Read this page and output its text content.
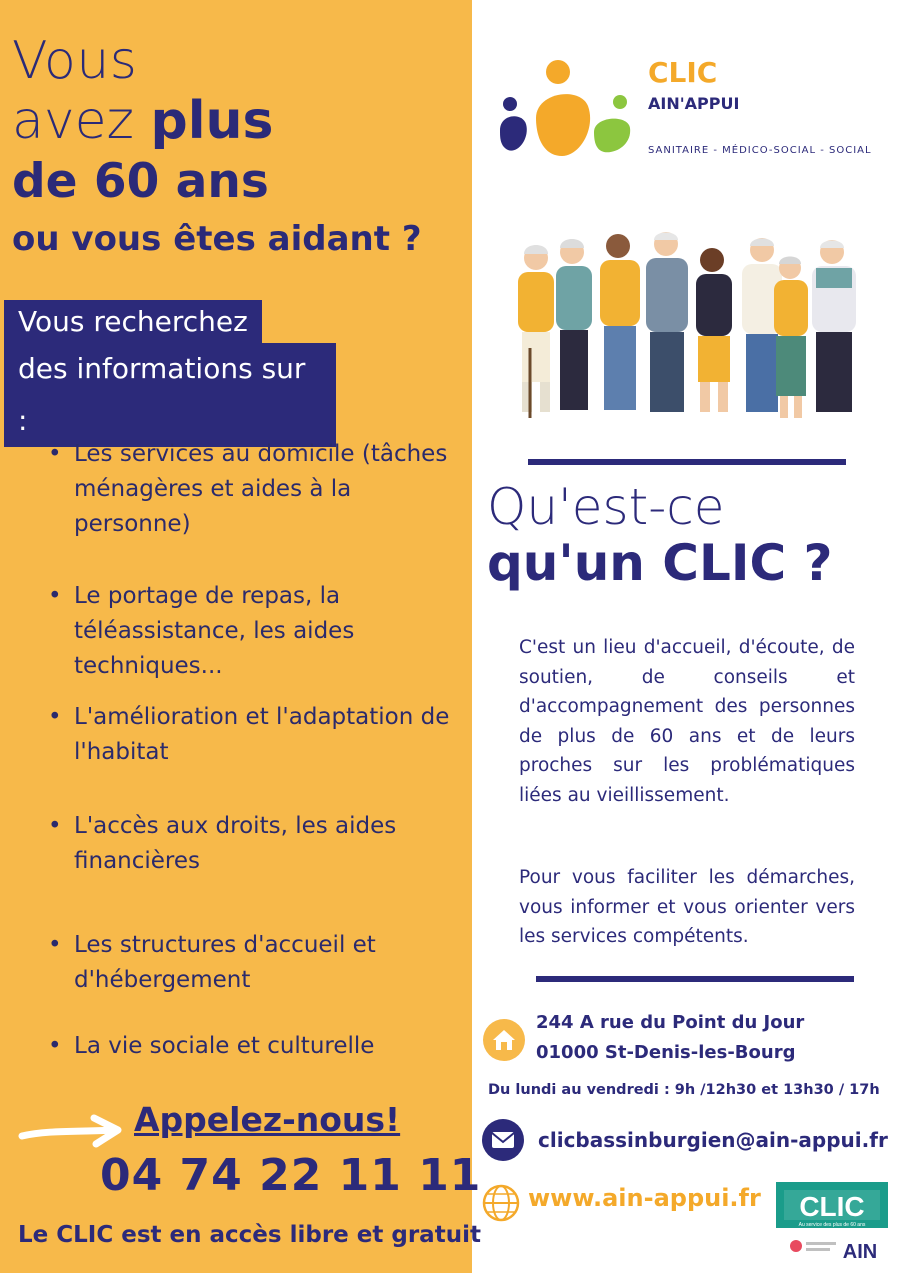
Vous
avez plus
de 60 ans
ou vous êtes aidant ?
Vous recherchez
des informations sur :
• Les services au domicile (tâches ménagères et aides à la personne)
• Le portage de repas, la téléassistance, les aides techniques...
• L'amélioration et l'adaptation de l'habitat
• L'accès aux droits, les aides financières
• Les structures d'accueil et d'hébergement
• La vie sociale et culturelle
Appelez-nous!
04 74 22 11 11
Le CLIC est en accès libre et gratuit
CLIC
AIN'APPUI
SANITAIRE - MÉDICO-SOCIAL - SOCIAL
Qu'est-ce
qu'un CLIC ?
C'est un lieu d'accueil, d'écoute, de soutien, de conseils et d'accompagnement des personnes de plus de 60 ans et de leurs proches sur les problématiques liées au vieillissement.
Pour vous faciliter les démarches, vous informer et vous orienter vers les services compétents.
244 A rue du Point du Jour
01000 St-Denis-les-Bourg
Du lundi au vendredi : 9h /12h30 et 13h30 / 17h
clicbassinburgien@ain-appui.fr
www.ain-appui.fr CLIC
Au service des plus de 60 ans
AIN
